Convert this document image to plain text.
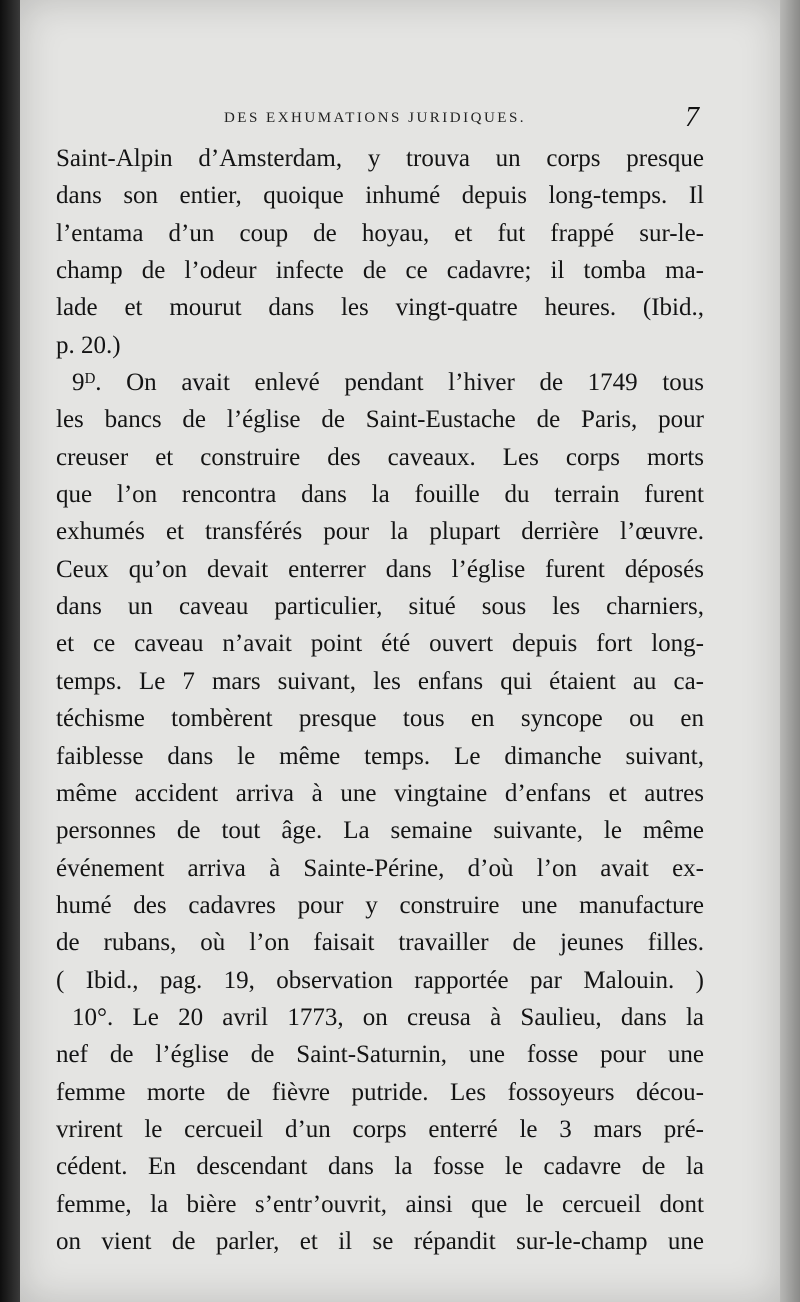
DES EXHUMATIONS JURIDIQUES.	7
Saint-Alpin d’Amsterdam, y trouva un corps presque
dans son entier, quoique inhumé depuis long-temps. Il
l’entama d’un coup de hoyau, et fut frappé sur-le-
champ de l’odeur infecte de ce cadavre; il tomba ma-
lade et mourut dans les vingt-quatre heures. (Ibid.,
p. 20.)
9ᴰ. On avait enlevé pendant l’hiver de 1749 tous
les bancs de l’église de Saint-Eustache de Paris, pour
creuser et construire des caveaux. Les corps morts
que l’on rencontra dans la fouille du terrain furent
exhumés et transférés pour la plupart derrière l’œuvre.
Ceux qu’on devait enterrer dans l’église furent déposés
dans un caveau particulier, situé sous les charniers,
et ce caveau n’avait point été ouvert depuis fort long-
temps. Le 7 mars suivant, les enfans qui étaient au ca-
téchisme tombèrent presque tous en syncope ou en
faiblesse dans le même temps. Le dimanche suivant,
même accident arriva à une vingtaine d’enfans et autres
personnes de tout âge. La semaine suivante, le même
événement arriva à Sainte-Périne, d’où l’on avait ex-
humé des cadavres pour y construire une manufacture
de rubans, où l’on faisait travailler de jeunes filles.
( Ibid., pag. 19, observation rapportée par Malouin. )
10°. Le 20 avril 1773, on creusa à Saulieu, dans la
nef de l’église de Saint-Saturnin, une fosse pour une
femme morte de fièvre putride. Les fossoyeurs décou-
vrirent le cercueil d’un corps enterré le 3 mars pré-
cédent. En descendant dans la fosse le cadavre de la
femme, la bière s’entr’ouvrit, ainsi que le cercueil dont
on vient de parler, et il se répandit sur-le-champ une
